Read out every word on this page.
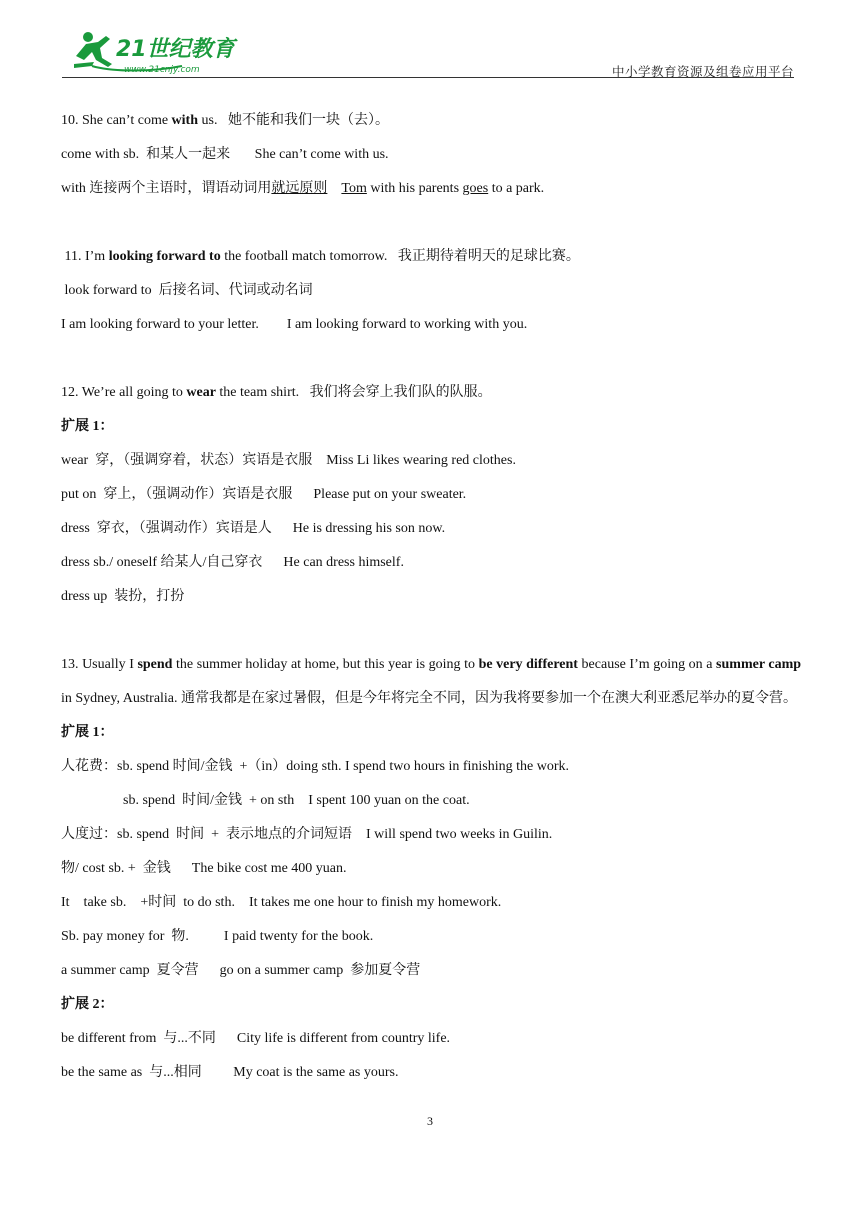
21世纪教育
www.21cnjy.com	中小学教育资源及组卷应用平台
10. She can’t come with us.   她不能和我们一块（去）。
come with sb.  和某人一起来       She can’t come with us.
with 连接两个主语时，谓语动词用就远原则 Tom with his parents goes to a park.
11. I’m looking forward to the football match tomorrow.   我正期待着明天的足球比赛。
look forward to  后接名词、代词或动名词
I am looking forward to your letter.        I am looking forward to working with you.
12. We’re all going to wear the team shirt.   我们将会穿上我们队的队服。
扩展 1：
wear  穿，（强调穿着，状态）宾语是衣服    Miss Li likes wearing red clothes.
put on  穿上，（强调动作）宾语是衣服      Please put on your sweater.
dress  穿衣，（强调动作）宾语是人      He is dressing his son now.
dress sb./ oneself 给某人/自己穿衣      He can dress himself.
dress up  装扮，打扮
13. Usually I spend the summer holiday at home, but this year is going to be very different because I’m going on a summer camp in Sydney, Australia. 通常我都是在家过暑假，但是今年将完全不同，因为我将要参加一个在澳大利亚悉尼举办的夏令营。
扩展 1：
人花费：sb. spend 时间/金钱  +（in）doing sth. I spend two hours in finishing the work.
sb. spend  时间/金钱  + on sth    I spent 100 yuan on the coat.
人度过：sb. spend  时间  +  表示地点的介词短语    I will spend two weeks in Guilin.
物/ cost sb. +  金钱      The bike cost me 400 yuan.
It    take sb.    +时间  to do sth.    It takes me one hour to finish my homework.
Sb. pay money for  物.          I paid twenty for the book.
a summer camp  夏令营      go on a summer camp  参加夏令营
扩展 2：
be different from  与...不同      City life is different from country life.
be the same as  与...相同         My coat is the same as yours.
3
